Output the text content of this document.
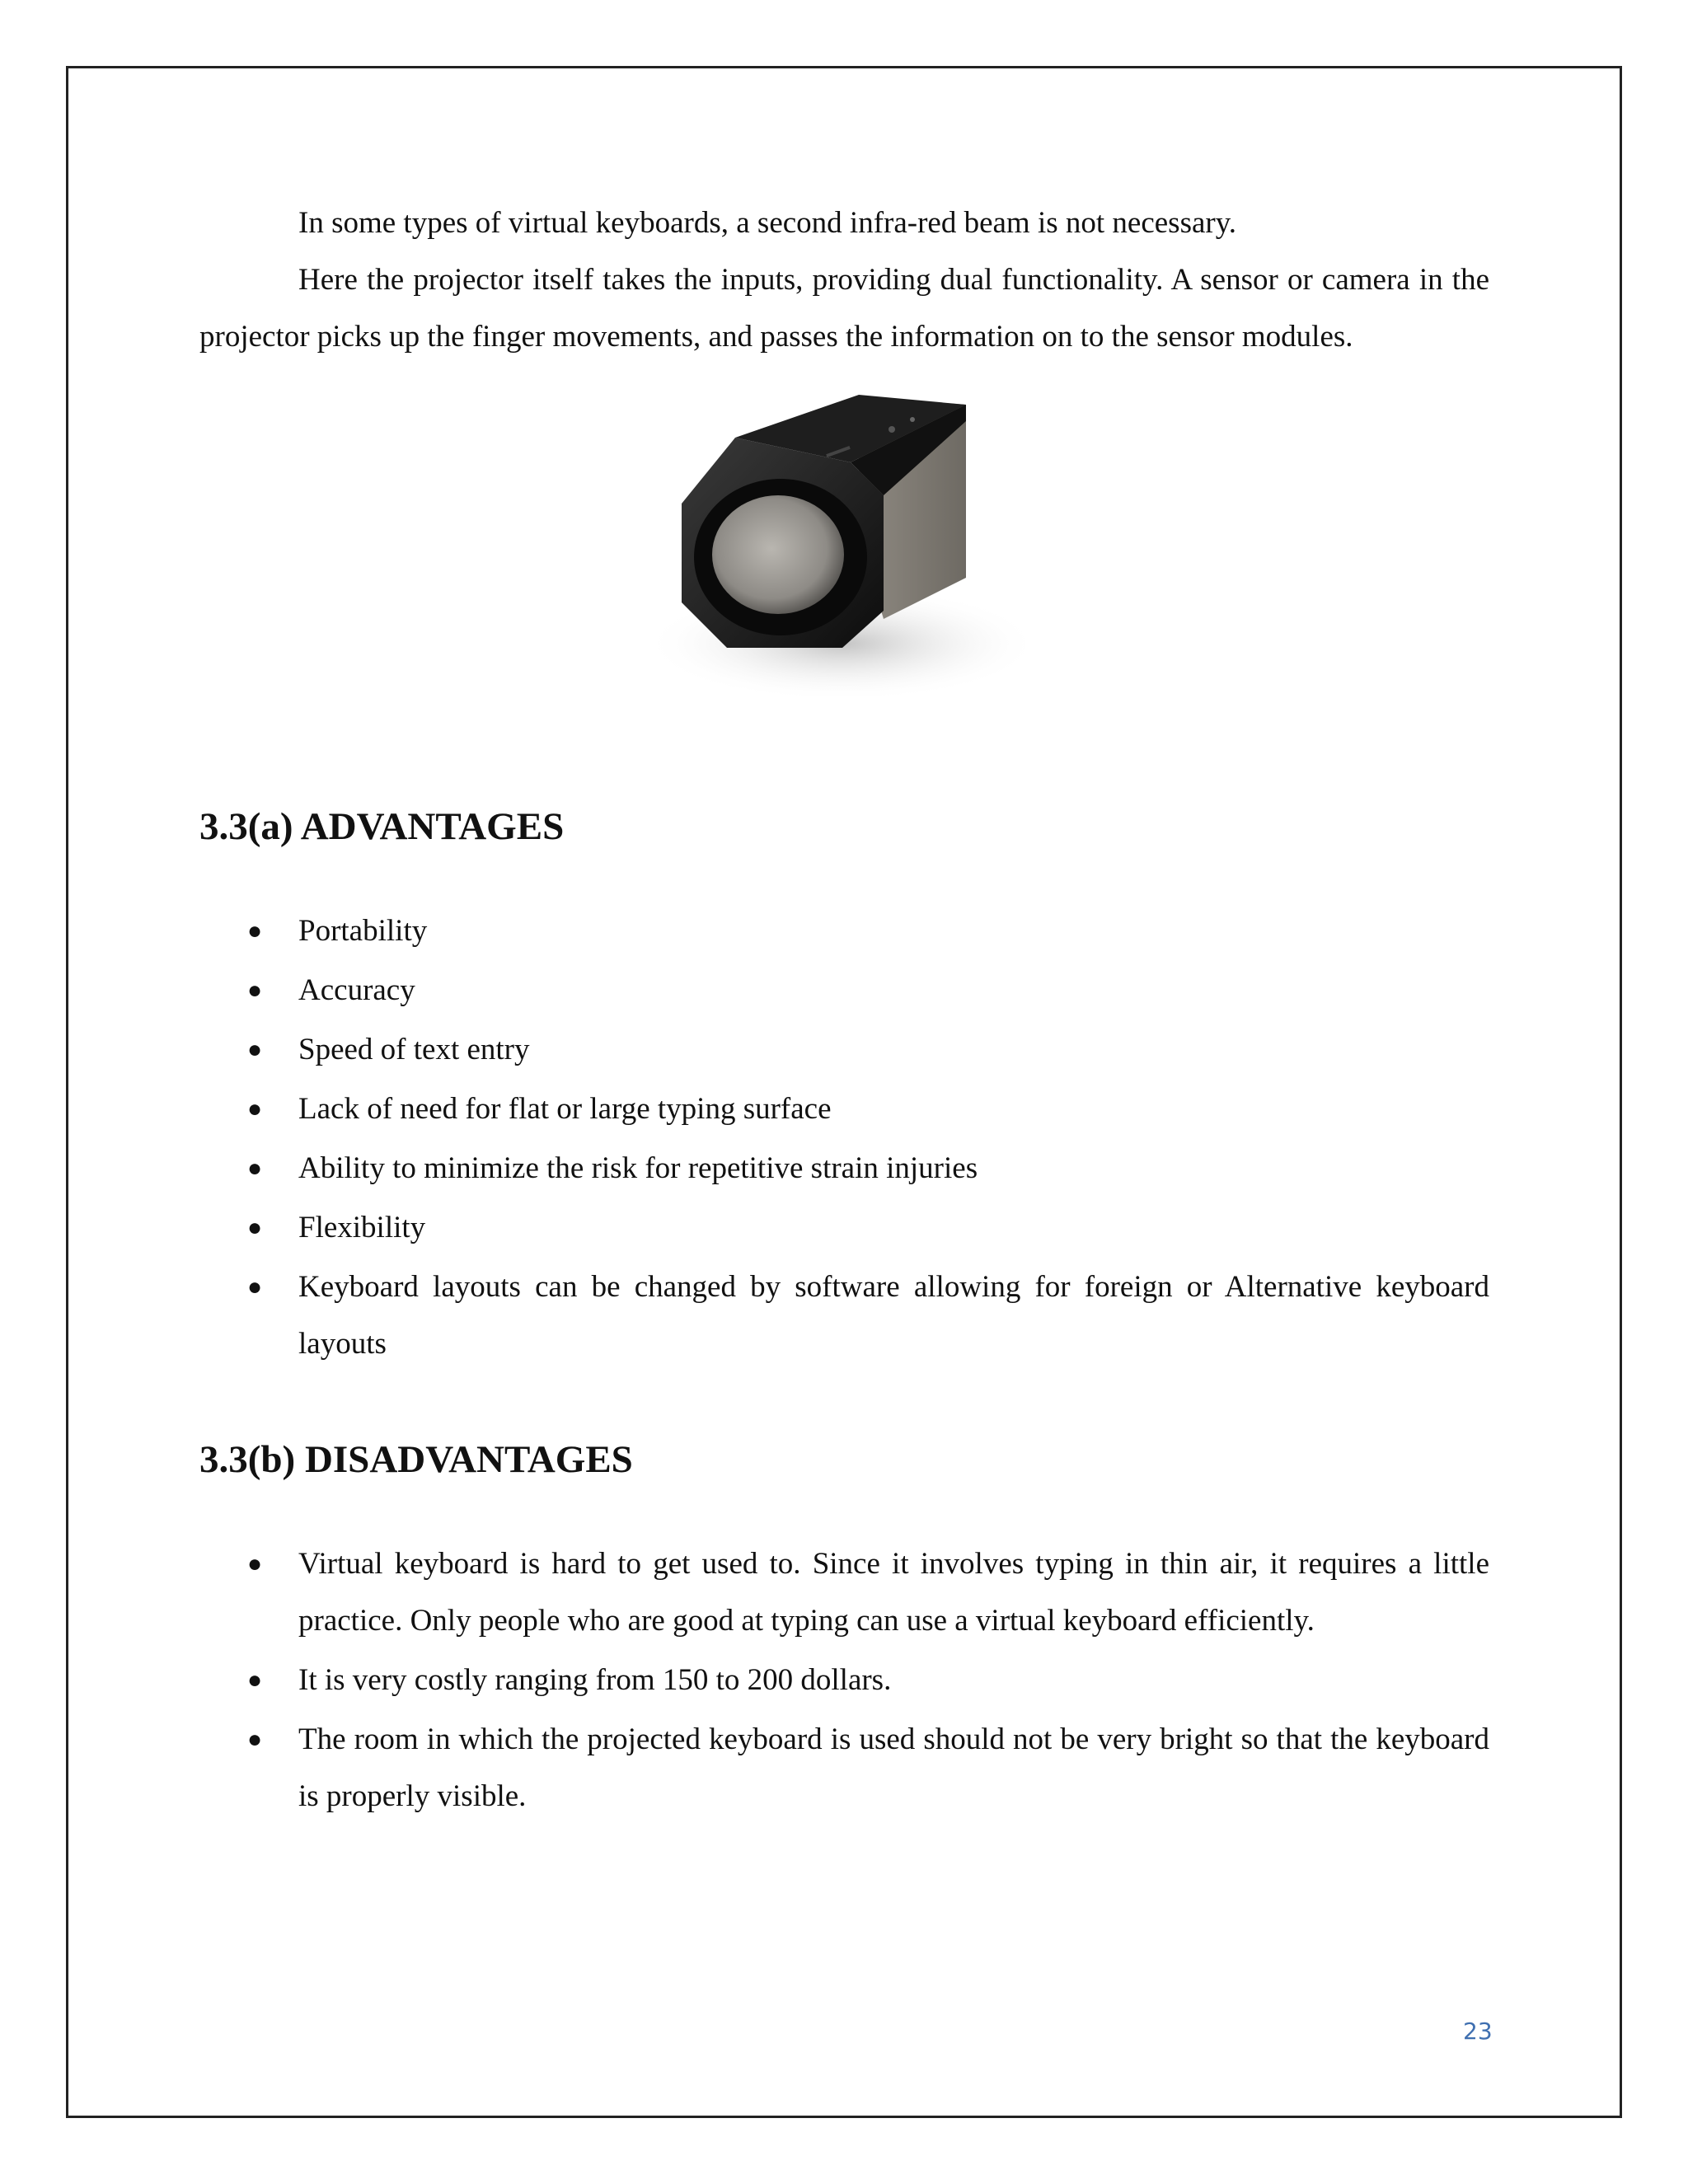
In some types of virtual keyboards, a second infra-red beam is not necessary.

Here the projector itself takes the inputs, providing dual functionality. A sensor or camera in the projector picks up the finger movements, and passes the information on to the sensor modules.

3.3(a) ADVANTAGES
● Portability
● Accuracy
● Speed of text entry
● Lack of need for flat or large typing surface
● Ability to minimize the risk for repetitive strain injuries
● Flexibility
● Keyboard layouts can be changed by software allowing for foreign or Alternative keyboard layouts
3.3(b) DISADVANTAGES
● Virtual keyboard is hard to get used to. Since it involves typing in thin air, it requires a little practice. Only people who are good at typing can use a virtual keyboard efficiently.
● It is very costly ranging from 150 to 200 dollars.
● The room in which the projected keyboard is used should not be very bright so that the keyboard is properly visible.
23
